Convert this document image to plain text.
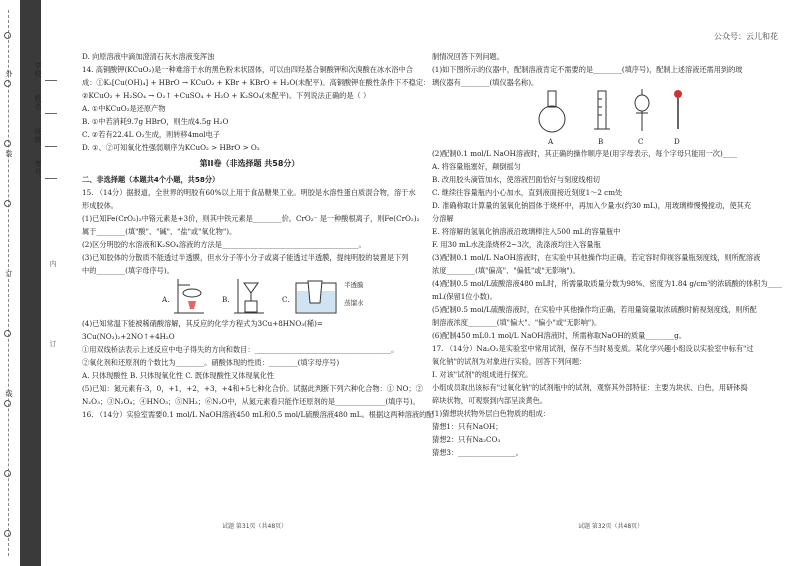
公众号：云儿和花
外
装
订
线
学校
姓名
班级
考号
内
订

D. 向原溶液中滴加澄清石灰水溶液变浑浊

14. 高铜酸钾(KCuO₂)是一种难溶于水的黑色粉末状固体，可以由四羟基合铜酸钾和次溴酸在冰水浴中合

成：①K₂[Cu(OH)₄] + HBrO → KCuO₂ + KBr + KBrO + H₂O(未配平)。高铜酸钾在酸性条件下不稳定：

②KCuO₂ + H₂SO₄ → O₂↑ +CuSO₄ + H₂O + K₂SO₄(未配平)。下列说法正确的是（ ）

A. ①中KCuO₂是还原产物

B. ①中若消耗9.7g HBrO，则生成4.5g H₂O

C. ②若有22.4L O₂生成，则转移4mol电子

D. ①、②可知氧化性强弱顺序为KCuO₂ > HBrO > O₂

第II卷（非选择题 共58分）

二、非选择题（本题共4个小题，共58分）

15. （14分）据报道，全世界的明胶有60%以上用于食品糖果工业。明胶是水溶性蛋白质混合物，溶于水

形成胶体。

(1)已知Fe(CrO₂)₂中铬元素是+3价，则其中铁元素是________价。CrO₂⁻ 是一种酸根离子，则Fe(CrO₂)₂

属于________(填"酸"、"碱"、"盐"或"氧化物")。

(2)区分明胶的水溶液和K₂SO₄溶液的方法是______________________________________。

(3)已知胶体的分散质不能透过半透膜，但水分子等小分子或离子能透过半透膜，提纯明胶的装置是下列

中的________(填字母序号)。

A.	B.	C.
半透膜
蒸馏水

(4)已知常温下能被稀硝酸溶解，其反应的化学方程式为3Cu+8HNO₃(稀)=

3Cu(NO₃)₂+2NO↑+4H₂O

①用双线桥法表示上述反应中电子得失的方向和数目：______________________________________。

②氧化剂和还原剂的个数比为________。硝酸体现的性质：________(填字母序号)

A. 只体现酸性 B. 只体现氧化性 C. 既体现酸性又体现氧化性

(5)已知：氮元素有-3，0，+1，+2，+3，+4和+5七种化合价。试据此判断下列六种化合物：① NO；②

N₂O₃；③N₂O₄；④HNO₃；⑤NH₃；⑥N₂O中，从氮元素看只能作还原剂的是______________(填序号)。

16. （14分）实验室需要0.1 mol/L NaOH溶液450 mL和0.5 mol/L硫酸溶液480 mL。根据这两种溶液的配

试题 第31页（共48页）

制情况回答下列问题。

(1)如下图所示的仪器中，配制溶液肯定不需要的是________(填序号)，配制上述溶液还需用到的玻

璃仪器有________(填仪器名称)。

A	B	C	D

(2)配制0.1 mol/L NaOH溶液时，其正确的操作顺序是(用字母表示，每个字母只能用一次)____

A. 将容量瓶塞好，颠倒摇匀

B. 改用胶头滴管加水，使溶液凹面恰好与刻度线相切

C. 继续往容量瓶内小心加水，直到液面接近刻度1～2 cm处

D. 准确称取计算量的氢氧化钠固体于烧杯中，再加入少量水(约30 mL)，用玻璃棒慢慢搅动，使其充

分溶解

E. 将溶解的氢氧化钠溶液沿玻璃棒注入500 mL的容量瓶中

F. 用30 mL水洗涤烧杯2~3次，洗涤液均注入容量瓶

(3)配制0.1 mol/L NaOH溶液时，在实验中其他操作均正确，若定容时仰视容量瓶刻度线，则所配溶液

浓度________(填"偏高"、"偏低"或"无影响")。

(4)配制0.5 mol/L硫酸溶液480 mL时，所需量取质量分数为98%、密度为1.84 g/cm³的浓硫酸的体积为____

mL(保留1位小数)。

(5)配制0.5 mol/L硫酸溶液时，在实验中其他操作均正确，若用量筒量取浓硫酸时俯视刻度线，则所配

制溶液浓度________(填"偏大"、"偏小"或"无影响")。

(6)配制450 mL0.1 mol/L NaOH溶液时，所需称取NaOH的质量________g。

17. （14分）Na₂O₂是实验室中常用试剂，保存不当时易变质。某化学兴趣小组设以实验室中标有"过

氧化钠"的试剂为对象进行实验，回答下列问题：

I. 对该"试剂"的组成进行探究。

小组成员取出该标有"过氧化钠"的试剂瓶中的试剂，观察其外部特征：主要为块状、白色，用研钵捣

碎块状物，可观察到内部呈淡黄色。

(1)猜想块状物外层白色物质的组成：

猜想1：只有NaOH；

猜想2：只有Na₂CO₃

猜想3：________________。

试题 第32页（共48页）
